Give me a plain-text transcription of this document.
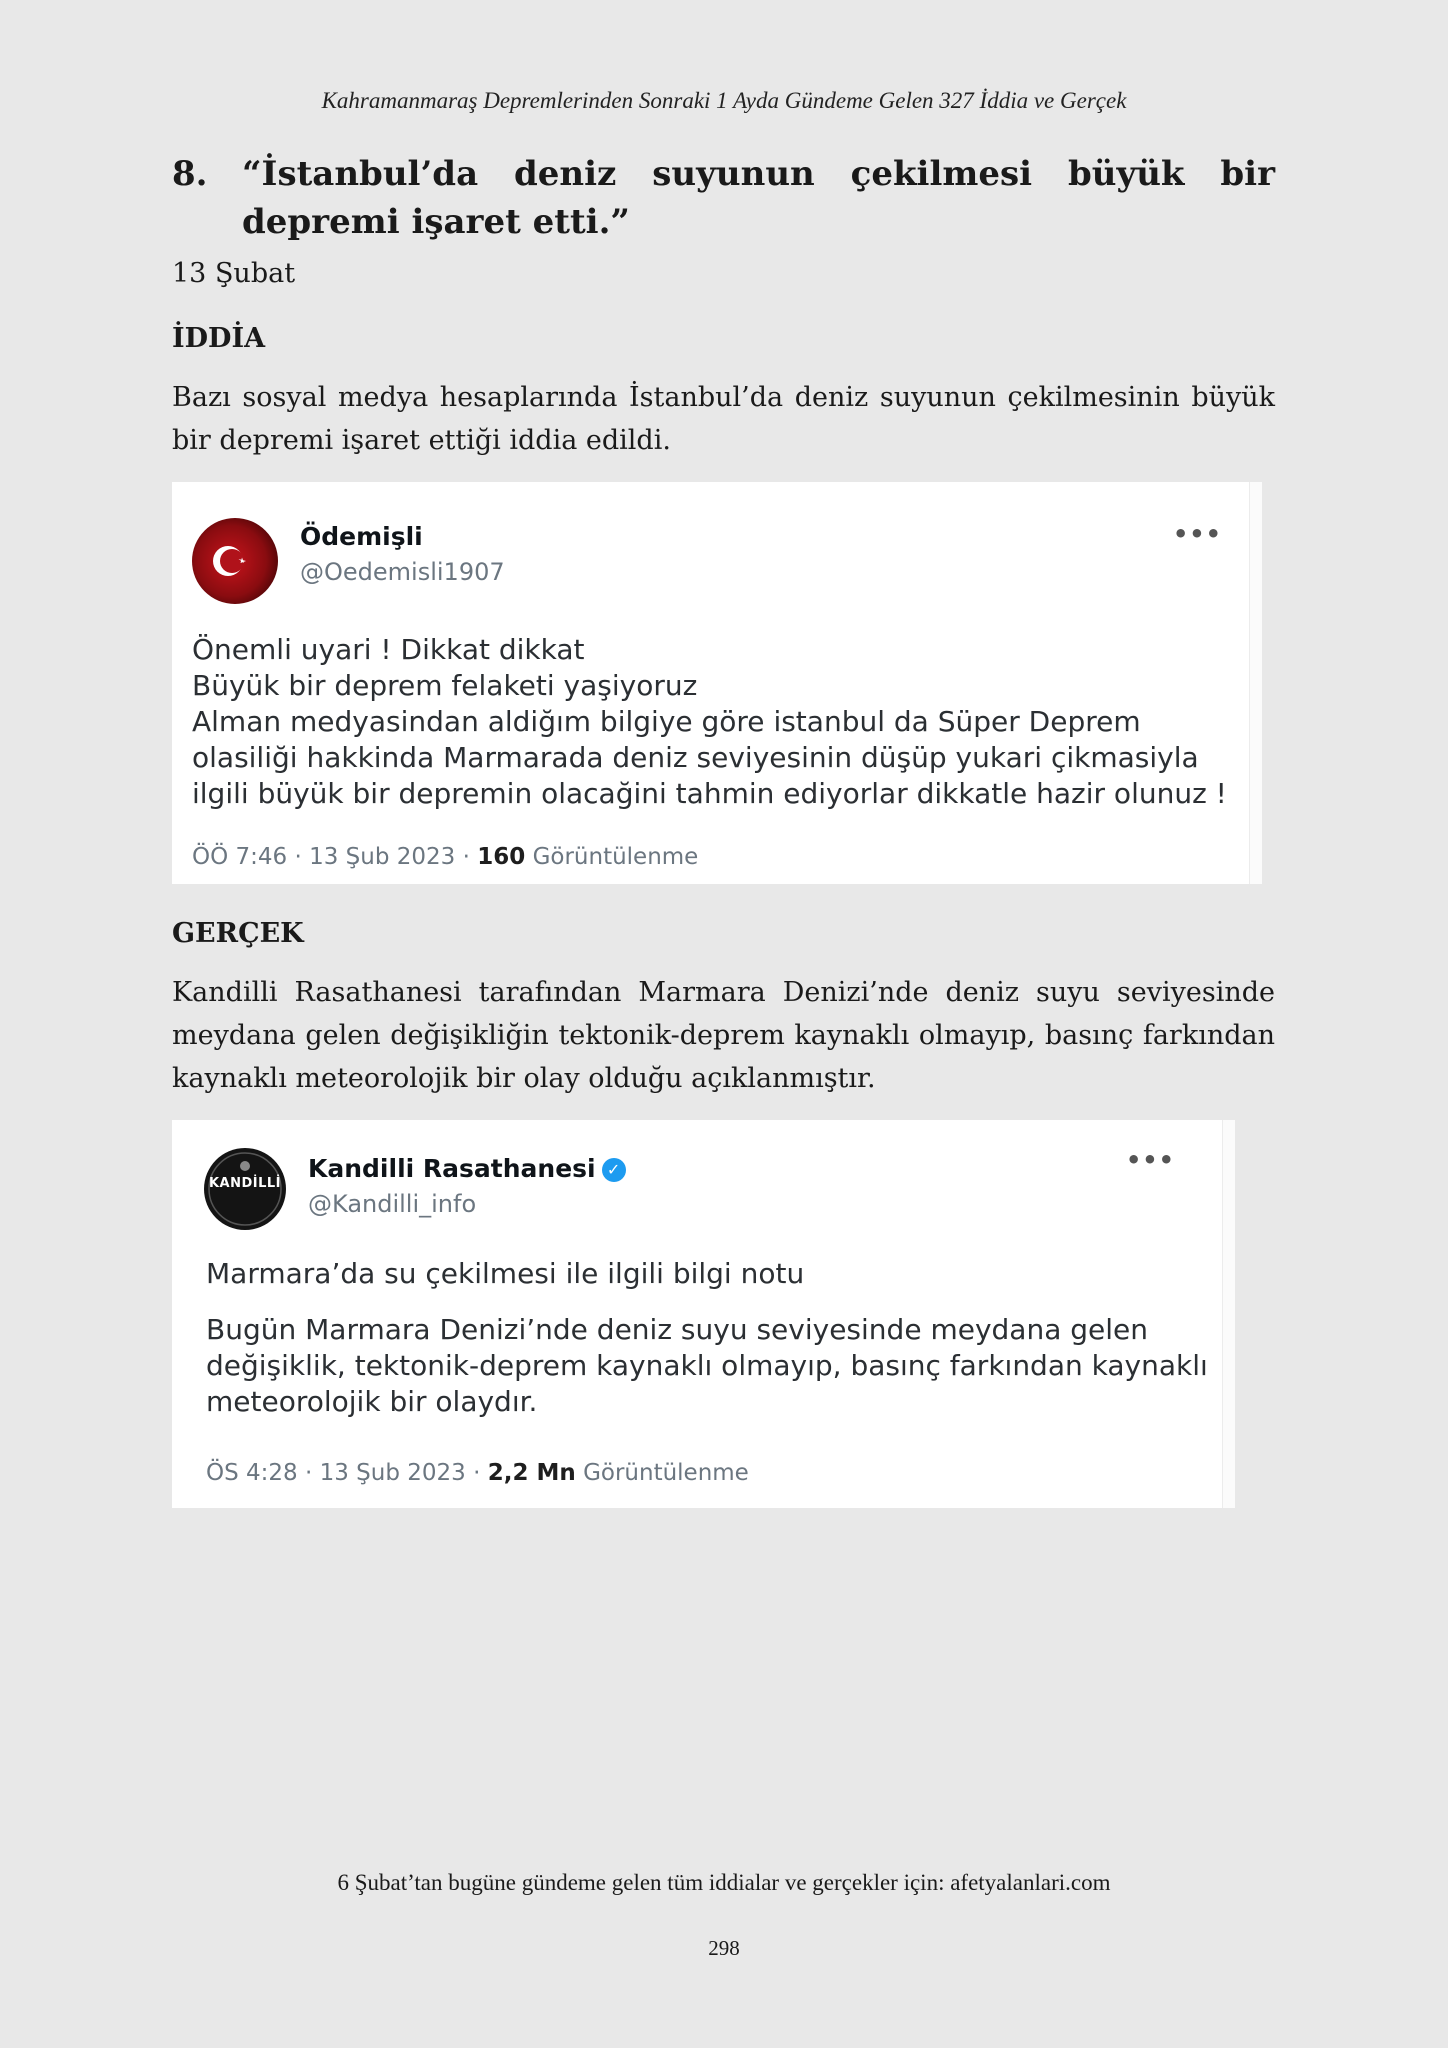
Kahramanmaraş Depremlerinden Sonraki 1 Ayda Gündeme Gelen 327 İddia ve Gerçek
8.	“İstanbul’da deniz suyunun çekilmesi büyük bir depremi işaret etti.”
13 Şubat
İDDİA
Bazı sosyal medya hesaplarında İstanbul’da deniz suyunun çekilmesinin büyük bir depremi işaret ettiği iddia edildi.
Ödemişli
@Oedemisli1907
•••
Önemli uyari ! Dikkat dikkat
Büyük bir deprem felaketi yaşiyoruz
Alman medyasindan aldiğım bilgiye göre istanbul da Süper Deprem
olasiliği hakkinda Marmarada deniz seviyesinin düşüp yukari çikmasiyla
ilgili büyük bir depremin olacağini tahmin ediyorlar dikkatle hazir olunuz !
ÖÖ 7:46 · 13 Şub 2023 · 160 Görüntülenme
GERÇEK
Kandilli Rasathanesi tarafından Marmara Denizi’nde deniz suyu seviyesinde meydana gelen değişikliğin tektonik-deprem kaynaklı olmayıp, basınç farkından kaynaklı meteorolojik bir olay olduğu açıklanmıştır.
KANDİLLİ
Kandilli Rasathanesi ✓
@Kandilli_info
•••
Marmara’da su çekilmesi ile ilgili bilgi notu
Bugün Marmara Denizi’nde deniz suyu seviyesinde meydana gelen
değişiklik, tektonik-deprem kaynaklı olmayıp, basınç farkından kaynaklı
meteorolojik bir olaydır.
ÖS 4:28 · 13 Şub 2023 · 2,2 Mn Görüntülenme
6 Şubat’tan bugüne gündeme gelen tüm iddialar ve gerçekler için: afetyalanlari.com
298
